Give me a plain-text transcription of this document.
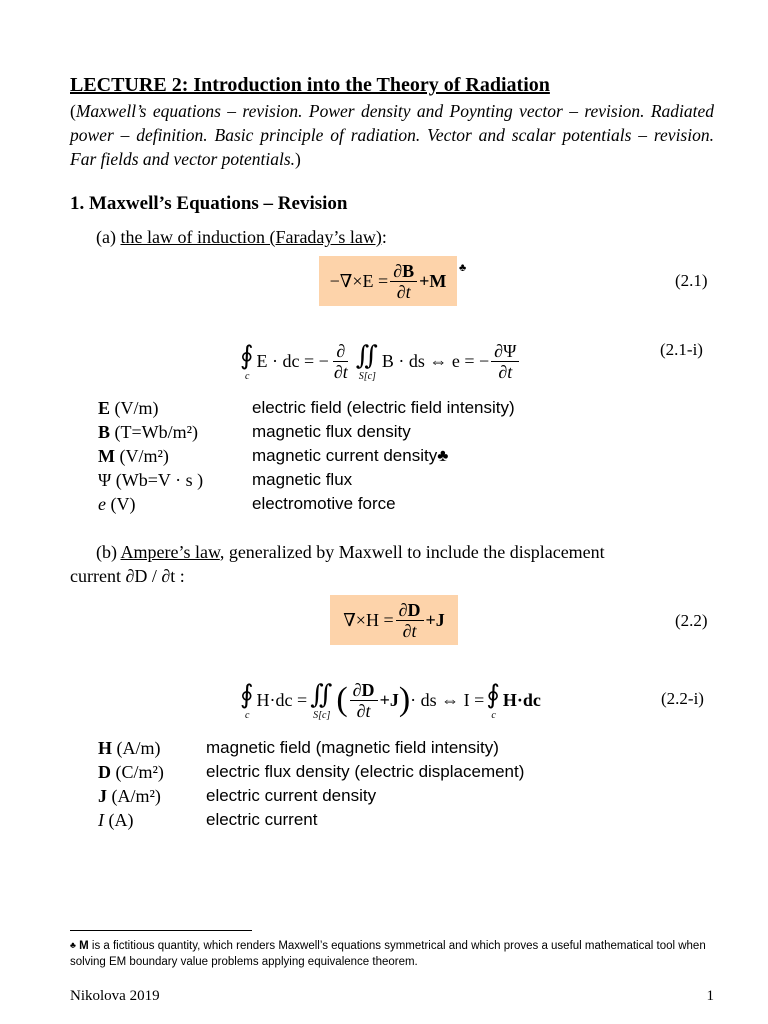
LECTURE 2: Introduction into the Theory of Radiation
(Maxwell’s equations – revision. Power density and Poynting vector – revision. Radiated power – definition. Basic principle of radiation. Vector and scalar potentials – revision. Far fields and vector potentials.)
1. Maxwell’s Equations – Revision
(a) the law of induction (Faraday’s law):
$-\nabla\times E = \frac{\partial B}{\partial t} +M$
♣
(2.1)
∮
c
E · dc = − $\frac{\partial}{\partial t}$ ∬
S[c]
B · ds ⇔ e = − $\frac{\partial\Psi}{\partial t}$	(2.1-i)
E (V/m)	electric field (electric field intensity)
B (T=Wb/m²)	magnetic flux density
M (V/m²)	magnetic current density♣
Ψ (Wb=V · s )	magnetic flux
e (V)	electromotive force
(b) Ampere’s law, generalized by Maxwell to include the displacement
current ∂D / ∂t :
$\nabla\times H = \frac{\partial D}{\partial t} +J$	(2.2)
∮
c
H·dc = ∬
S[c] ( $\frac{\partial D}{\partial t} +J$ ) · ds ⇔ I = ∮
c
H·dc	(2.2-i)
H (A/m)	magnetic field (magnetic field intensity)
D (C/m²)	electric flux density (electric displacement)
J (A/m²)	electric current density
I (A)	electric current
♣ M is a fictitious quantity, which renders Maxwell’s equations symmetrical and which proves a useful mathematical tool when solving EM boundary value problems applying equivalence theorem.
Nikolova 2019	1
